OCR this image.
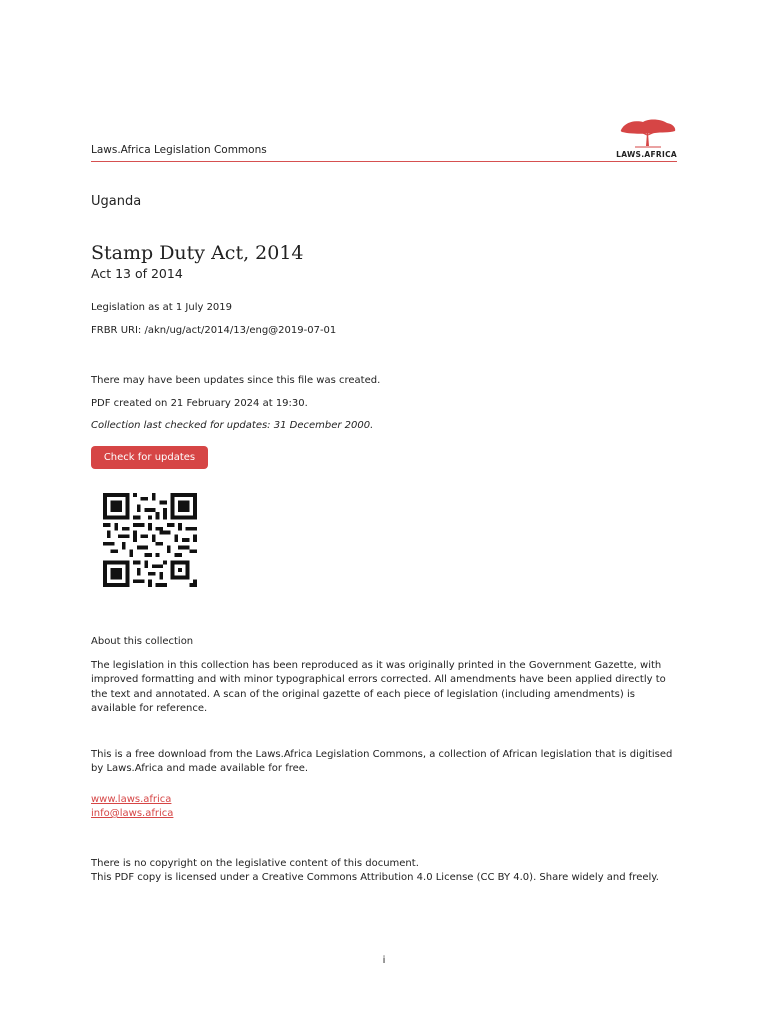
Laws.Africa Legislation Commons	LAWS.AFRICA
Uganda
Stamp Duty Act, 2014
Act 13 of 2014
Legislation as at 1 July 2019
FRBR URI: /akn/ug/act/2014/13/eng@2019-07-01
There may have been updates since this file was created.
PDF created on 21 February 2024 at 19:30.
Collection last checked for updates: 31 December 2000.
Check for updates
About this collection
The legislation in this collection has been reproduced as it was originally printed in the Government Gazette, with improved formatting and with minor typographical errors corrected. All amendments have been applied directly to the text and annotated. A scan of the original gazette of each piece of legislation (including amendments) is available for reference.
This is a free download from the Laws.Africa Legislation Commons, a collection of African legislation that is digitised by Laws.Africa and made available for free.
www.laws.africa
info@laws.africa
There is no copyright on the legislative content of this document.
This PDF copy is licensed under a Creative Commons Attribution 4.0 License (CC BY 4.0). Share widely and freely.
i
